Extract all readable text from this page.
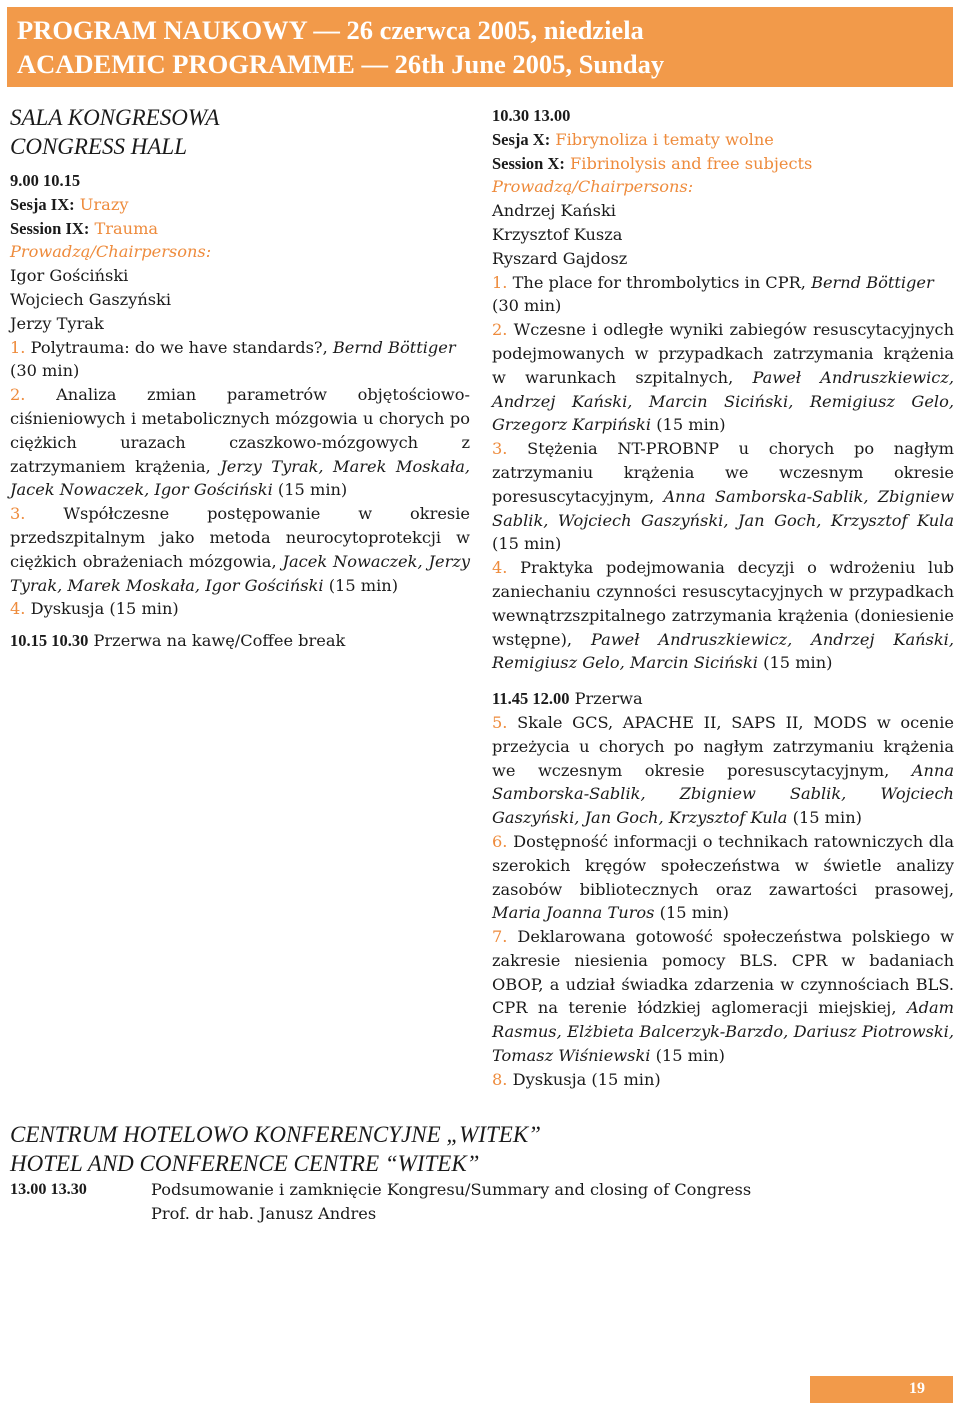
PROGRAM NAUKOWY — 26 czerwca 2005, niedziela
ACADEMIC PROGRAMME — 26th June 2005, Sunday
SALA KONGRESOWA
CONGRESS HALL
9.00 10.15
Sesja IX: Urazy
Session IX: Trauma
Prowadzą/Chairpersons:
Igor Gościński
Wojciech Gaszyński
Jerzy Tyrak
1. Polytrauma: do we have standards?, Bernd Böttiger
(30 min)
2. Analiza zmian parametrów objętościowo-ciśnieniowych i metabolicznych mózgowia u chorych po ciężkich urazach czaszkowo-mózgowych z zatrzymaniem krążenia, Jerzy Tyrak, Marek Moskała, Jacek Nowaczek, Igor Gościński (15 min)
3. Współczesne postępowanie w okresie przedszpitalnym jako metoda neurocytoprotekcji w ciężkich obrażeniach mózgowia, Jacek Nowaczek, Jerzy Tyrak, Marek Moskała, Igor Gościński (15 min)
4. Dyskusja (15 min)
10.15 10.30 Przerwa na kawę/Coffee break
10.30 13.00
Sesja X: Fibrynoliza i tematy wolne
Session X: Fibrinolysis and free subjects
Prowadzą/Chairpersons:
Andrzej Kański
Krzysztof Kusza
Ryszard Gajdosz
1. The place for thrombolytics in CPR, Bernd Böttiger
(30 min)
2. Wczesne i odległe wyniki zabiegów resuscytacyjnych podejmowanych w przypadkach zatrzymania krążenia w warunkach szpitalnych, Paweł Andruszkiewicz, Andrzej Kański, Marcin Siciński, Remigiusz Gelo, Grzegorz Karpiński (15 min)
3. Stężenia NT-PROBNP u chorych po nagłym zatrzymaniu krążenia we wczesnym okresie poresuscytacyjnym, Anna Samborska-Sablik, Zbigniew Sablik, Wojciech Gaszyński, Jan Goch, Krzysztof Kula (15 min)
4. Praktyka podejmowania decyzji o wdrożeniu lub zaniechaniu czynności resuscytacyjnych w przypadkach wewnątrzszpitalnego zatrzymania krążenia (doniesienie wstępne), Paweł Andruszkiewicz, Andrzej Kański, Remigiusz Gelo, Marcin Siciński (15 min)
11.45 12.00 Przerwa
5. Skale GCS, APACHE II, SAPS II, MODS w ocenie przeżycia u chorych po nagłym zatrzymaniu krążenia we wczesnym okresie poresuscytacyjnym, Anna Samborska-Sablik, Zbigniew Sablik, Wojciech Gaszyński, Jan Goch, Krzysztof Kula (15 min)
6. Dostępność informacji o technikach ratowniczych dla szerokich kręgów społeczeństwa w świetle analizy zasobów bibliotecznych oraz zawartości prasowej, Maria Joanna Turos (15 min)
7. Deklarowana gotowość społeczeństwa polskiego w zakresie niesienia pomocy BLS. CPR w badaniach OBOP, a udział świadka zdarzenia w czynnościach BLS. CPR na terenie łódzkiej aglomeracji miejskiej, Adam Rasmus, Elżbieta Balcerzyk-Barzdo, Dariusz Piotrowski, Tomasz Wiśniewski (15 min)
8. Dyskusja (15 min)
CENTRUM HOTELOWO KONFERENCYJNE „WITEK”
HOTEL AND CONFERENCE CENTRE “WITEK”
13.00 13.30	Podsumowanie i zamknięcie Kongresu/Summary and closing of Congress
Prof. dr hab. Janusz Andres
19
